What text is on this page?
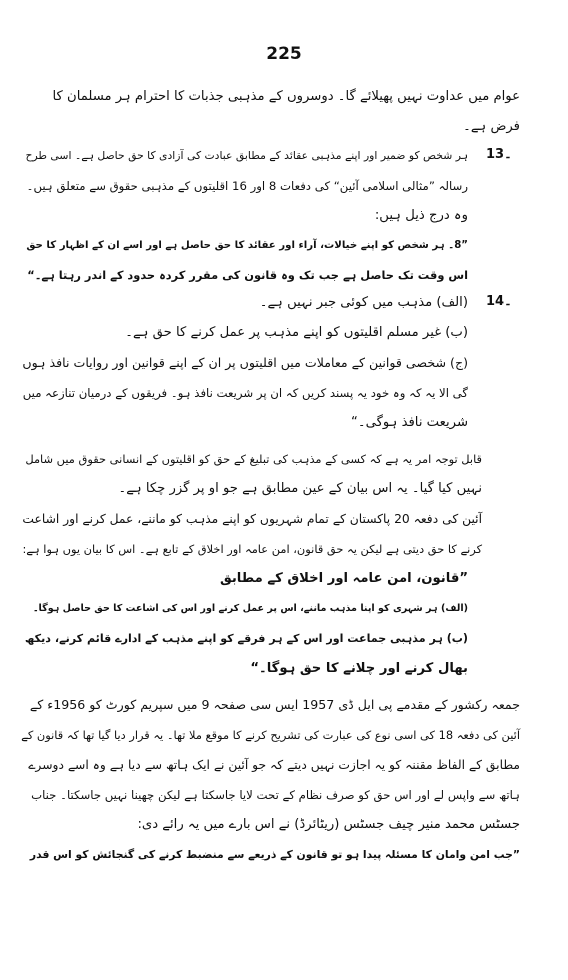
225
عوام میں عداوت نہیں پھیلائے گا۔ دوسروں کے مذہبی جذبات کا احترام ہر مسلمان کا
فرض ہے۔
13۔
ہر شخص کو ضمیر اور اپنے مذہبی عقائد کے مطابق عبادت کی آزادی کا حق حاصل ہے۔ اسی طرح
رسالہ ”مثالی اسلامی آئین“ کی دفعات 8 اور 16 اقلیتوں کے مذہبی حقوق سے متعلق ہیں۔
وہ درج ذیل ہیں:
”8۔ ہر شخص کو اپنے خیالات، آراء اور عقائد کا حق حاصل ہے اور اسے ان کے اظہار کا حق
اس وقت تک حاصل ہے جب تک وہ قانون کی مقرر کردہ حدود کے اندر رہتا ہے۔“
14۔
(الف) مذہب میں کوئی جبر نہیں ہے۔
(ب) غیر مسلم اقلیتوں کو اپنے مذہب پر عمل کرنے کا حق ہے۔
(ج) شخصی قوانین کے معاملات میں اقلیتوں پر ان کے اپنے قوانین اور روایات نافذ ہوں
گی الا یہ کہ وہ خود یہ پسند کریں کہ ان پر شریعت نافذ ہو۔ فریقوں کے درمیان تنازعہ میں
شریعت نافذ ہوگی۔“
قابل توجہ امر یہ ہے کہ کسی کے مذہب کی تبلیغ کے حق کو اقلیتوں کے انسانی حقوق میں شامل
نہیں کیا گیا۔ یہ اس بیان کے عین مطابق ہے جو او پر گزر چکا ہے۔
آئین کی دفعہ 20 پاکستان کے تمام شہریوں کو اپنے مذہب کو ماننے، عمل کرنے اور اشاعت
کرنے کا حق دیتی ہے لیکن یہ حق قانون، امن عامہ اور اخلاق کے تابع ہے۔ اس کا بیان یوں ہوا ہے:
”قانون، امن عامہ اور اخلاق کے مطابق
(الف) ہر شہری کو اپنا مذہب ماننے، اس پر عمل کرنے اور اس کی اشاعت کا حق حاصل ہوگا۔
(ب) ہر مذہبی جماعت اور اس کے ہر فرقے کو اپنے مذہب کے ادارے قائم کرنے، دیکھ
بھال کرنے اور چلانے کا حق ہوگا۔“
جمعہ رکشور کے مقدمے پی ایل ڈی 1957 ایس سی صفحہ 9 میں سپریم کورٹ کو 1956ء کے
آئین کی دفعہ 18 کی اسی نوع کی عبارت کی تشریح کرنے کا موقع ملا تھا۔ یہ قرار دیا گیا تھا کہ قانون کے
مطابق کے الفاظ مقننہ کو یہ اجازت نہیں دیتے کہ جو آئین نے ایک ہاتھ سے دیا ہے وہ اسے دوسرے
ہاتھ سے واپس لے اور اس حق کو صرف نظام کے تحت لایا جاسکتا ہے لیکن چھینا نہیں جاسکتا۔ جناب
جسٹس محمد منیر چیف جسٹس (ریٹائرڈ) نے اس بارے میں یہ رائے دی:
”جب امن وامان کا مسئلہ پیدا ہو تو قانون کے ذریعے سے منضبط کرنے کی گنجائش کو اس قدر
